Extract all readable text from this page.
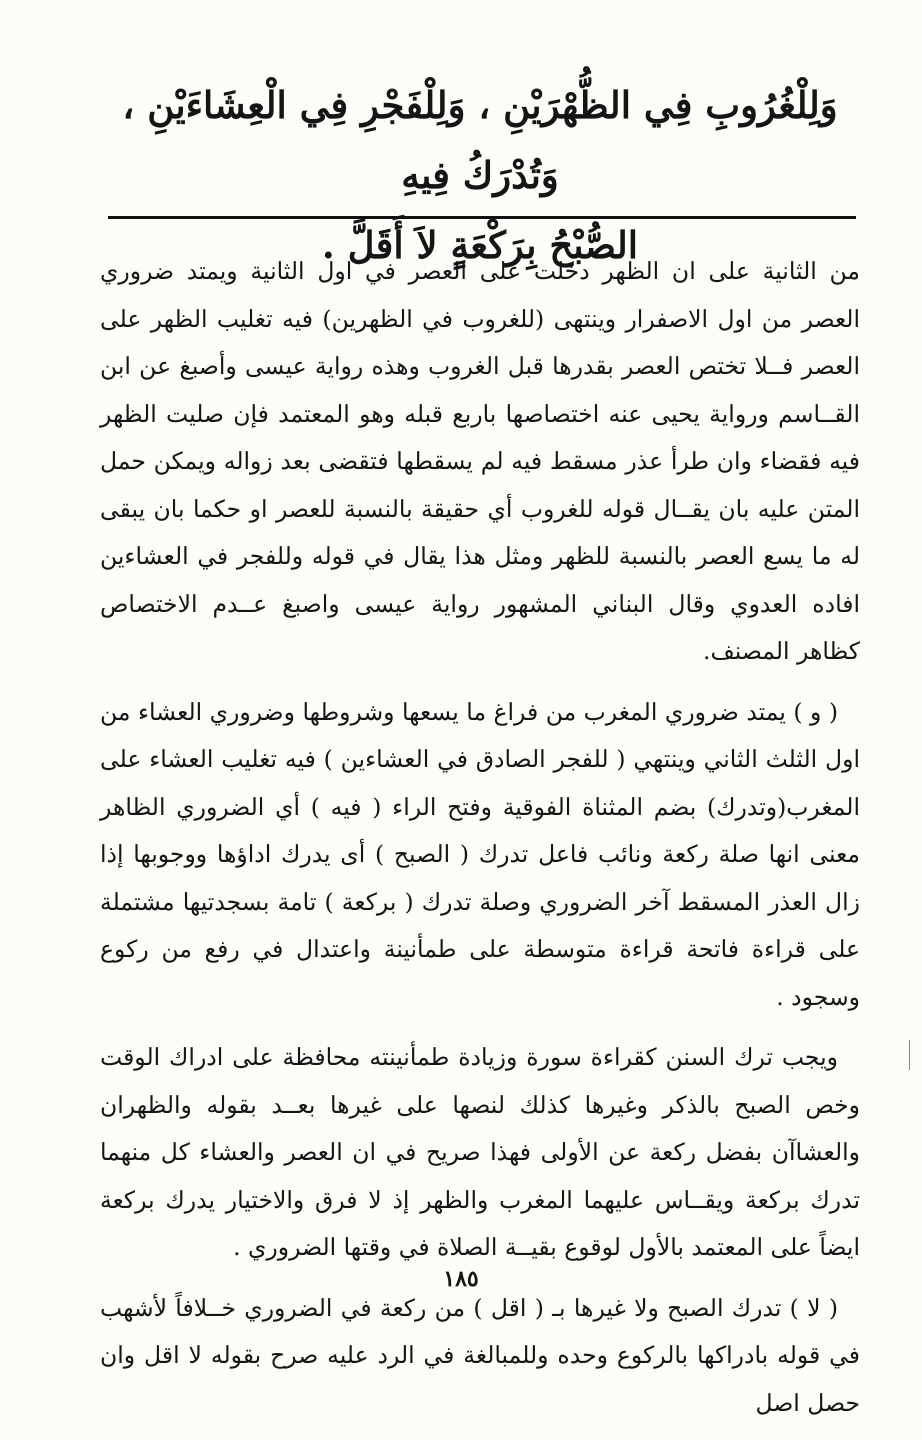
وَلِلْغُرُوبِ فِي الظُّهْرَيْنِ ، وَلِلْفَجْرِ فِي الْعِشَاءَيْنِ ، وَتُدْرَكُ فِيهِ
الصُّبْحُ بِرَكْعَةٍ لاَ أَقَلَّ .

من الثانية على ان الظهر دخلت على العصر في اول الثانية ويمتد ضروري العصر من اول الاصفرار وينتهى (للغروب في الظهرين) فيه تغليب الظهر على العصر فــلا تختص العصر بقدرها قبل الغروب وهذه رواية عيسى وأصبغ عن ابن القــاسم ورواية يحيى عنه اختصاصها باربع قبله وهو المعتمد فإن صليت الظهر فيه فقضاء وان طرأ عذر مسقط فيه لم يسقطها فتقضى بعد زواله ويمكن حمل المتن عليه بان يقــال قوله للغروب أي حقيقة بالنسبة للعصر او حكما بان يبقى له ما يسع العصر بالنسبة للظهر ومثل هذا يقال في قوله وللفجر في العشاءين افاده العدوي وقال البناني المشهور رواية عيسى واصبغ عــدم الاختصاص كظاهر المصنف.

( و ) يمتد ضروري المغرب من فراغ ما يسعها وشروطها وضروري العشاء من اول الثلث الثاني وينتهي ( للفجر الصادق في العشاءين ) فيه تغليب العشاء على المغرب(وتدرك) بضم المثناة الفوقية وفتح الراء ( فيه ) أي الضروري الظاهر معنى انها صلة ركعة ونائب فاعل تدرك ( الصبح ) أى يدرك اداؤها ووجوبها إذا زال العذر المسقط آخر الضروري وصلة تدرك ( بركعة ) تامة بسجدتيها مشتملة على قراءة فاتحة قراءة متوسطة على طمأنينة واعتدال في رفع من ركوع وسجود .

ويجب ترك السنن كقراءة سورة وزيادة طمأنينته محافظة على ادراك الوقت وخص الصبح بالذكر وغيرها كذلك لنصها على غيرها بعــد بقوله والظهران والعشاآن بفضل ركعة عن الأولى فهذا صريح في ان العصر والعشاء كل منهما تدرك بركعة ويقــاس عليهما المغرب والظهر إذ لا فرق والاختيار يدرك بركعة ايضاً على المعتمد بالأول لوقوع بقيــة الصلاة في وقتها الضروري .

( لا ) تدرك الصبح ولا غيرها بـ ( اقل ) من ركعة في الضروري خــلافاً لأشهب في قوله بادراكها بالركوع وحده وللمبالغة في الرد عليه صرح بقوله لا اقل وان حصل اصل

١٨٥
